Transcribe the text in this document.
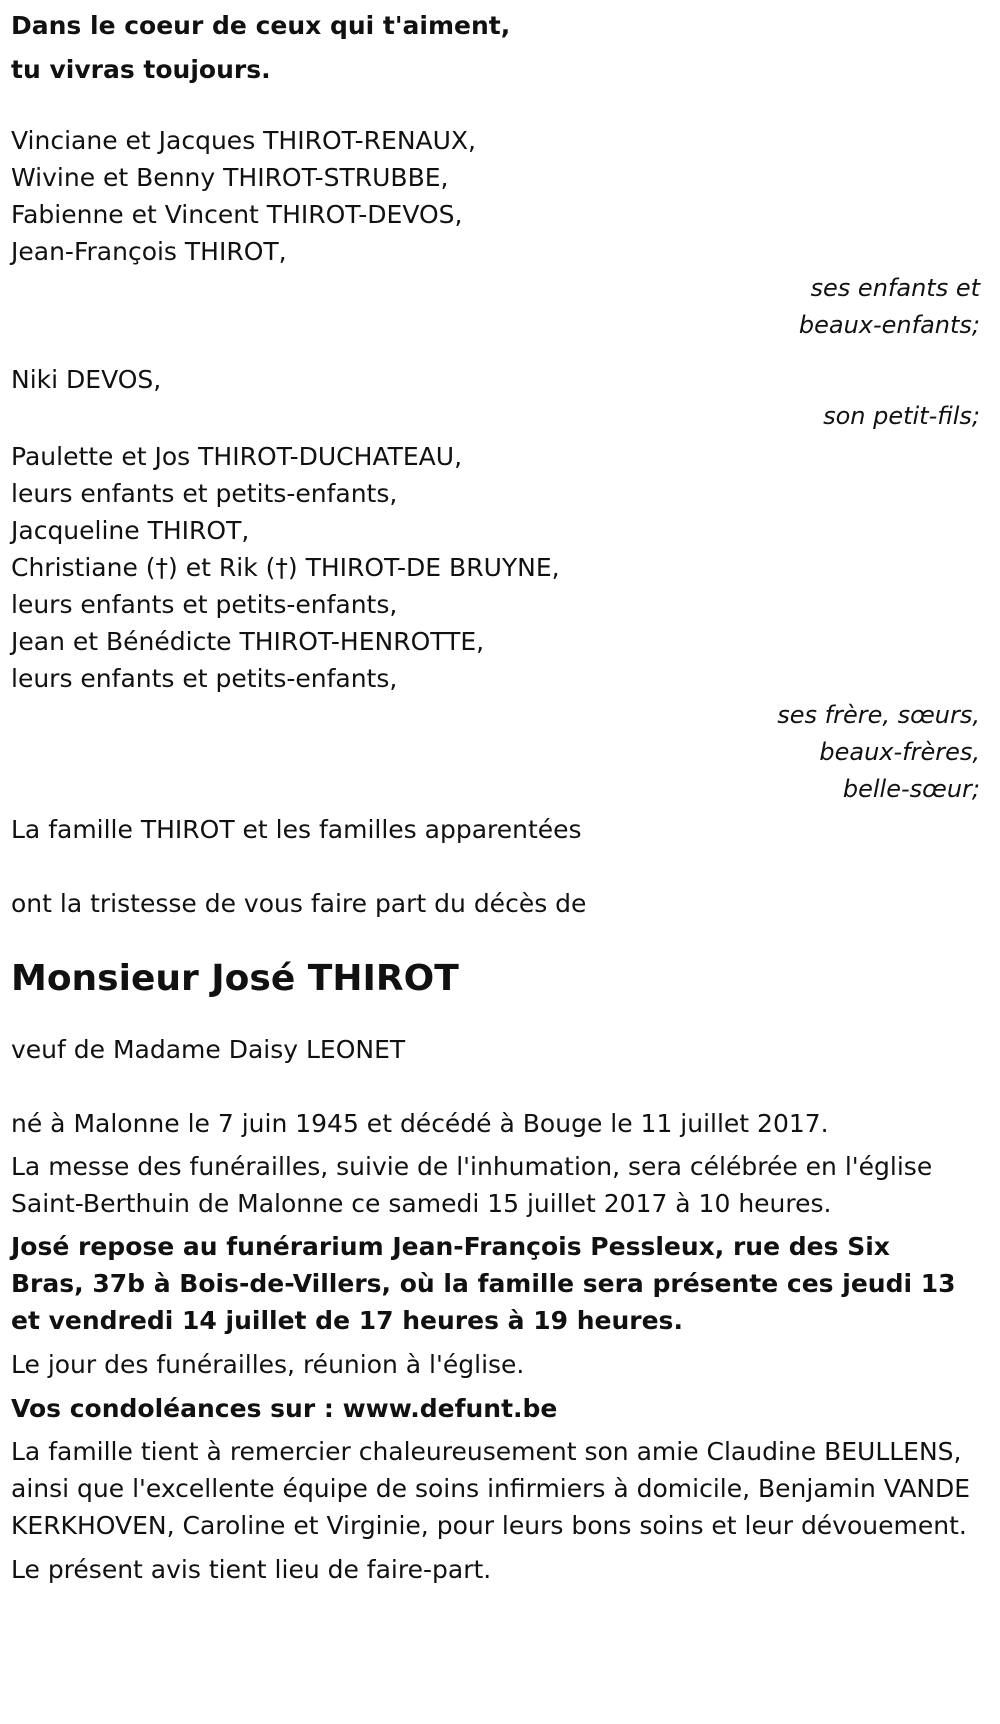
Dans le coeur de ceux qui t'aiment,
tu vivras toujours.
Vinciane et Jacques THIROT-RENAUX,
Wivine et Benny THIROT-STRUBBE,
Fabienne et Vincent THIROT-DEVOS,
Jean-François THIROT,
ses enfants et
beaux-enfants;
Niki DEVOS,
son petit-fils;
Paulette et Jos THIROT-DUCHATEAU,
leurs enfants et petits-enfants,
Jacqueline THIROT,
Christiane (†) et Rik (†) THIROT-DE BRUYNE,
leurs enfants et petits-enfants,
Jean et Bénédicte THIROT-HENROTTE,
leurs enfants et petits-enfants,
ses frère, sœurs,
beaux-frères,
belle-sœur;
La famille THIROT et les familles apparentées
ont la tristesse de vous faire part du décès de
Monsieur José THIROT
veuf de Madame Daisy LEONET
né à Malonne le 7 juin 1945 et décédé à Bouge le 11 juillet 2017.
La messe des funérailles, suivie de l'inhumation, sera célébrée en l'église Saint-Berthuin de Malonne ce samedi 15 juillet 2017 à 10 heures.
José repose au funérarium Jean-François Pessleux, rue des Six Bras, 37b à Bois-de-Villers, où la famille sera présente ces jeudi 13 et vendredi 14 juillet de 17 heures à 19 heures.
Le jour des funérailles, réunion à l'église.
Vos condoléances sur : www.defunt.be
La famille tient à remercier chaleureusement son amie Claudine BEULLENS, ainsi que l'excellente équipe de soins infirmiers à domicile, Benjamin VANDE KERKHOVEN, Caroline et Virginie, pour leurs bons soins et leur dévouement.
Le présent avis tient lieu de faire-part.
